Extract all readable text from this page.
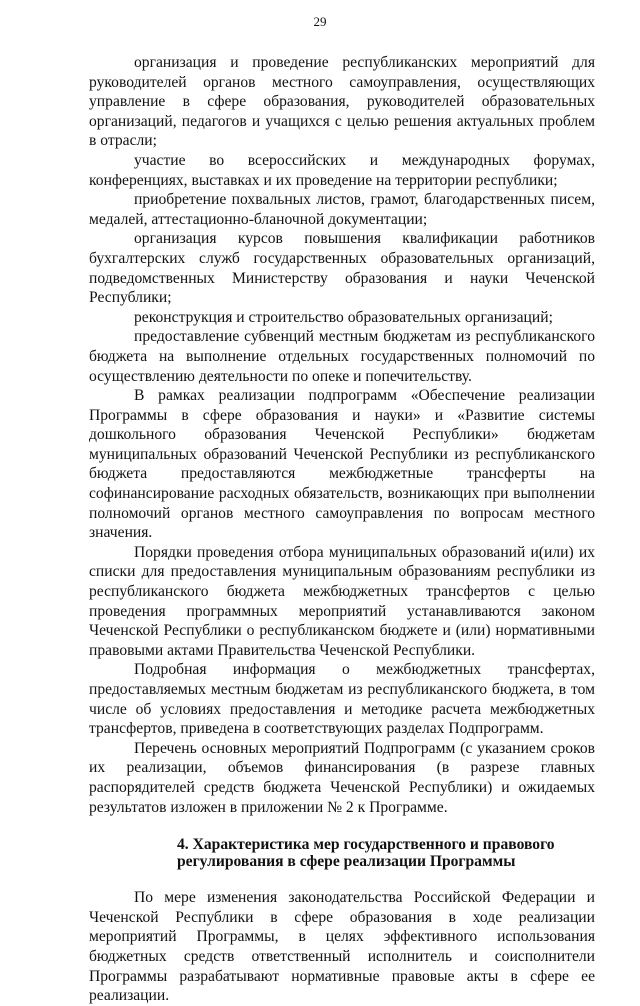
29

организация и проведение республиканских мероприятий для руководителей органов местного самоуправления, осуществляющих управление в сфере образования, руководителей образовательных организаций, педагогов и учащихся с целью решения актуальных проблем в отрасли;

участие во всероссийских и международных форумах, конференциях, выставках и их проведение на территории республики;

приобретение похвальных листов, грамот, благодарственных писем, медалей, аттестационно-бланочной документации;

организация курсов повышения квалификации работников бухгалтерских служб государственных образовательных организаций, подведомственных Министерству образования и науки Чеченской Республики;

реконструкция и строительство образовательных организаций;

предоставление субвенций местным бюджетам из республиканского бюджета на выполнение отдельных государственных полномочий по осуществлению деятельности по опеке и попечительству.

В рамках реализации подпрограмм «Обеспечение реализации Программы в сфере образования и науки» и «Развитие системы дошкольного образования Чеченской Республики» бюджетам муниципальных образований Чеченской Республики из республиканского бюджета предоставляются межбюджетные трансферты на софинансирование расходных обязательств, возникающих при выполнении полномочий органов местного самоуправления по вопросам местного значения.

Порядки проведения отбора муниципальных образований и(или) их списки для предоставления муниципальным образованиям республики из республиканского бюджета межбюджетных трансфертов с целью проведения программных мероприятий устанавливаются законом Чеченской Республики о республиканском бюджете и (или) нормативными правовыми актами Правительства Чеченской Республики.

Подробная информация о межбюджетных трансфертах, предоставляемых местным бюджетам из республиканского бюджета, в том числе об условиях предоставления и методике расчета межбюджетных трансфертов, приведена в соответствующих разделах Подпрограмм.

Перечень основных мероприятий Подпрограмм (с указанием сроков их реализации, объемов финансирования (в разрезе главных распорядителей средств бюджета Чеченской Республики) и ожидаемых результатов изложен в приложении № 2 к Программе.

4. Характеристика мер государственного и правового
регулирования в сфере реализации Программы

По мере изменения законодательства Российской Федерации и Чеченской Республики в сфере образования в ходе реализации мероприятий Программы, в целях эффективного использования бюджетных средств ответственный исполнитель и соисполнители Программы разрабатывают нормативные правовые акты в сфере ее реализации.
